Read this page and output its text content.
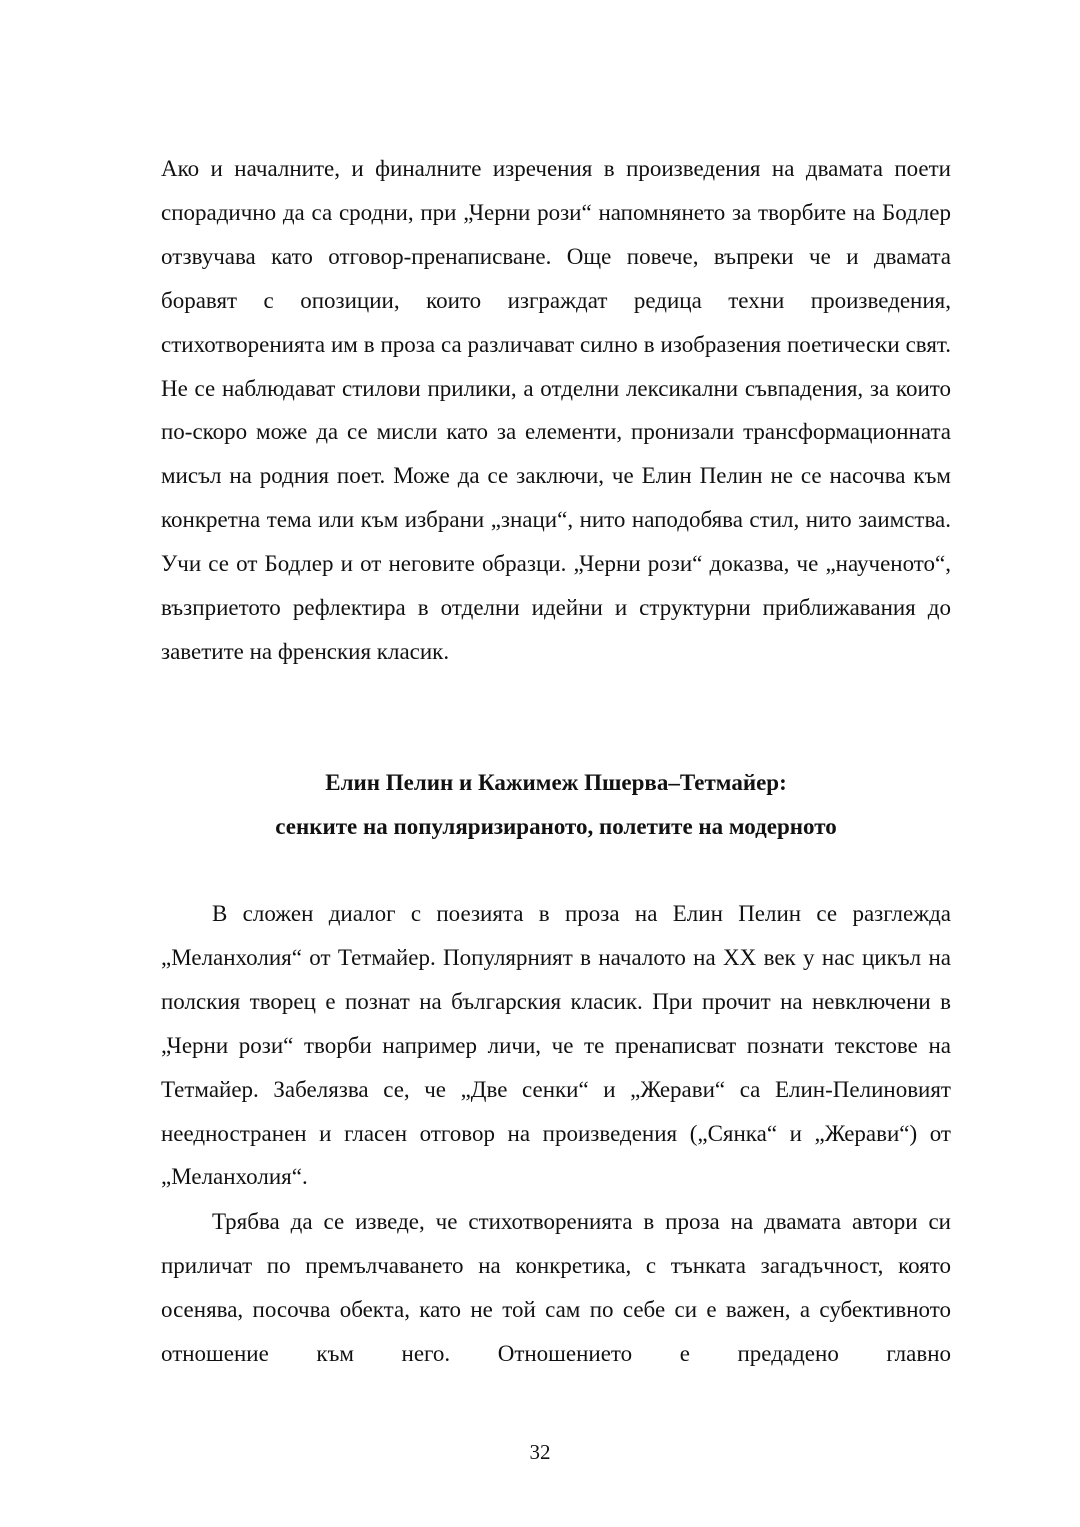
Ако и началните, и финалните изречения в произведения на двамата поети спорадично да са сродни, при „Черни рози“ напомнянето за творбите на Бодлер отзвучава като отговор-пренаписване. Още повече, въпреки че и двамата боравят с опозиции, които изграждат редица техни произведения, стихотворенията им в проза са различават силно в изобразения поетически свят. Не се наблюдават стилови прилики, а отделни лексикални съвпадения, за които по-скоро може да се мисли като за елементи, пронизали трансформационната мисъл на родния поет. Може да се заключи, че Елин Пелин не се насочва към конкретна тема или към избрани „знаци“, нито наподобява стил, нито заимства. Учи се от Бодлер и от неговите образци. „Черни рози“ доказва, че „наученото“, възприетото рефлектира в отделни идейни и структурни приближавания до заветите на френския класик.
Елин Пелин и Кажимеж Пшерва–Тетмайер:
сенките на популяризираното, полетите на модерното
В сложен диалог с поезията в проза на Елин Пелин се разглежда „Меланхолия“ от Тетмайер. Популярният в началото на ХХ век у нас цикъл на полския творец е познат на българския класик. При прочит на невключени в „Черни рози“ творби например личи, че те пренаписват познати текстове на Тетмайер. Забелязва се, че „Две сенки“ и „Жерави“ са Елин-Пелиновият неедностранен и гласен отговор на произведения („Сянка“ и „Жерави“) от „Меланхолия“.
Трябва да се изведе, че стихотворенията в проза на двамата автори си приличат по премълчаването на конкретика, с тънката загадъчност, която осенява, посочва обекта, като не той сам по себе си е важен, а субективното отношение към него. Отношението е предадено главно
32
